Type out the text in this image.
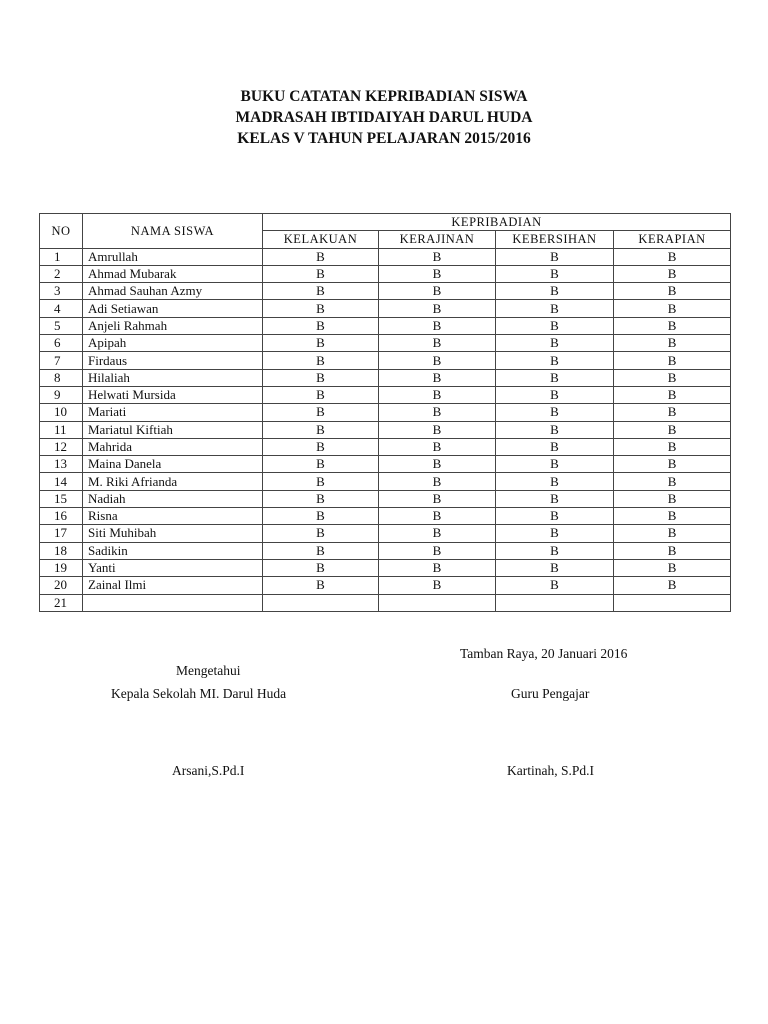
BUKU CATATAN KEPRIBADIAN SISWA
MADRASAH IBTIDAIYAH DARUL HUDA
KELAS V TAHUN PELAJARAN 2015/2016
NO	NAMA SISWA	KEPRIBADIAN			
		KELAKUAN	KERAJINAN	KEBERSIHAN	KERAPIAN
1	Amrullah	B	B	B	B
2	Ahmad Mubarak	B	B	B	B
3	Ahmad Sauhan Azmy	B	B	B	B
4	Adi Setiawan	B	B	B	B
5	Anjeli Rahmah	B	B	B	B
6	Apipah	B	B	B	B
7	Firdaus	B	B	B	B
8	Hilaliah	B	B	B	B
9	Helwati Mursida	B	B	B	B
10	Mariati	B	B	B	B
11	Mariatul Kiftiah	B	B	B	B
12	Mahrida	B	B	B	B
13	Maina Danela	B	B	B	B
14	M. Riki Afrianda	B	B	B	B
15	Nadiah	B	B	B	B
16	Risna	B	B	B	B
17	Siti Muhibah	B	B	B	B
18	Sadikin	B	B	B	B
19	Yanti	B	B	B	B
20	Zainal Ilmi	B	B	B	B
21					
Tamban Raya, 20 Januari 2016
Mengetahui
Kepala Sekolah MI. Darul Huda	Guru Pengajar
Arsani,S.Pd.I	Kartinah, S.Pd.I
